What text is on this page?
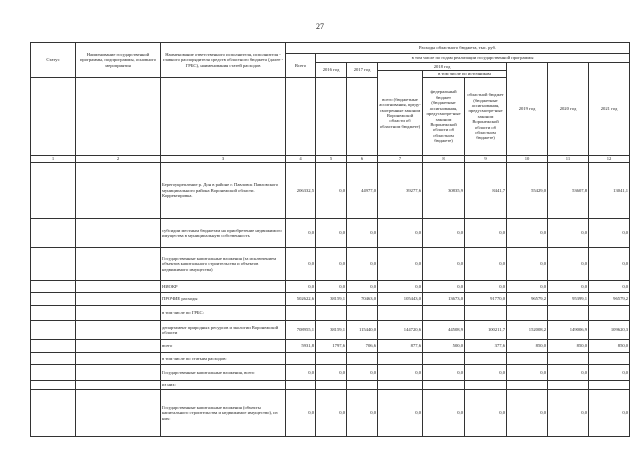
27
Статус	Наименование государственной программы, подпрограммы, основного мероприятия	Наименование ответственного исполнителя, исполнителя - главного распорядителя средств областного бюджета (далее - ГРБС), наименования статей расходов	Расходы областного бюджета, тыс. руб.								
			Всего	в том числе по годам реализации государственной программы							
				2016 год	2017 год	2018 год			2019 год	2020 год	2021 год
						всего (бюджетные ассигнования, преду-смотренные законом Воронежской области об областном бюджете)	в том числе по источникам				
							федеральный бюджет (бюджетные ассигнования, предусмотре-ные законом Воронежской области об областном бюджете)	областной бюджет (бюджетные ассигнования, предусмотре-ные законом Воронежской области об областном бюджете)			
1	2	3	4	5	6	7	8	9	10	11	12
		Берегоукрепление р. Дон в районе г. Павловск Павловского муниципального района Воронежской области. Корректировка.	206332,5	0,0	44977,0	39277,6	30835,9	8441,7	55429,0	53607,8	13041,1
		субсидии местным бюджетам на приобретение недвижимого имущества в муниципальную собственность	0,0	0,0	0,0	0,0	0,0	0,0	0,0	0,0	0,0
		Государственные капитальные вложения (за исключением объектов капитального строительства и объектов недвижимого имущества)	0,0	0,0	0,0	0,0	0,0	0,0	0,0	0,0	0,0
		НИОКР	0,0	0,0	0,0	0,0	0,0	0,0	0,0	0,0	0,0
		ПРОЧИЕ расходы	502622,6	38159,1	70463,0	105443,0	13673,0	91770,0	96579,2	95399,1	96579,2
		в том числе по ГРБС:									
		департамент природных ресурсов и экологии Воронежской области	708955,1	38159,1	115440,0	144720,6	44508,9	100211,7	152008,2	149006,9	109620,3
		всего	5931,8	1797,6	706,6	877,6	500,0	377,6	850,0	850,0	850,0
		в том числе по статьям расходов:									
		Государственные капитальные вложения, всего	0,0	0,0	0,0	0,0	0,0	0,0	0,0	0,0	0,0
		из них:									
		Государственные капитальные вложения (объекты капитального строительства и недвижимое имущество), из них:	0,0	0,0	0,0	0,0	0,0	0,0	0,0	0,0	0,0
